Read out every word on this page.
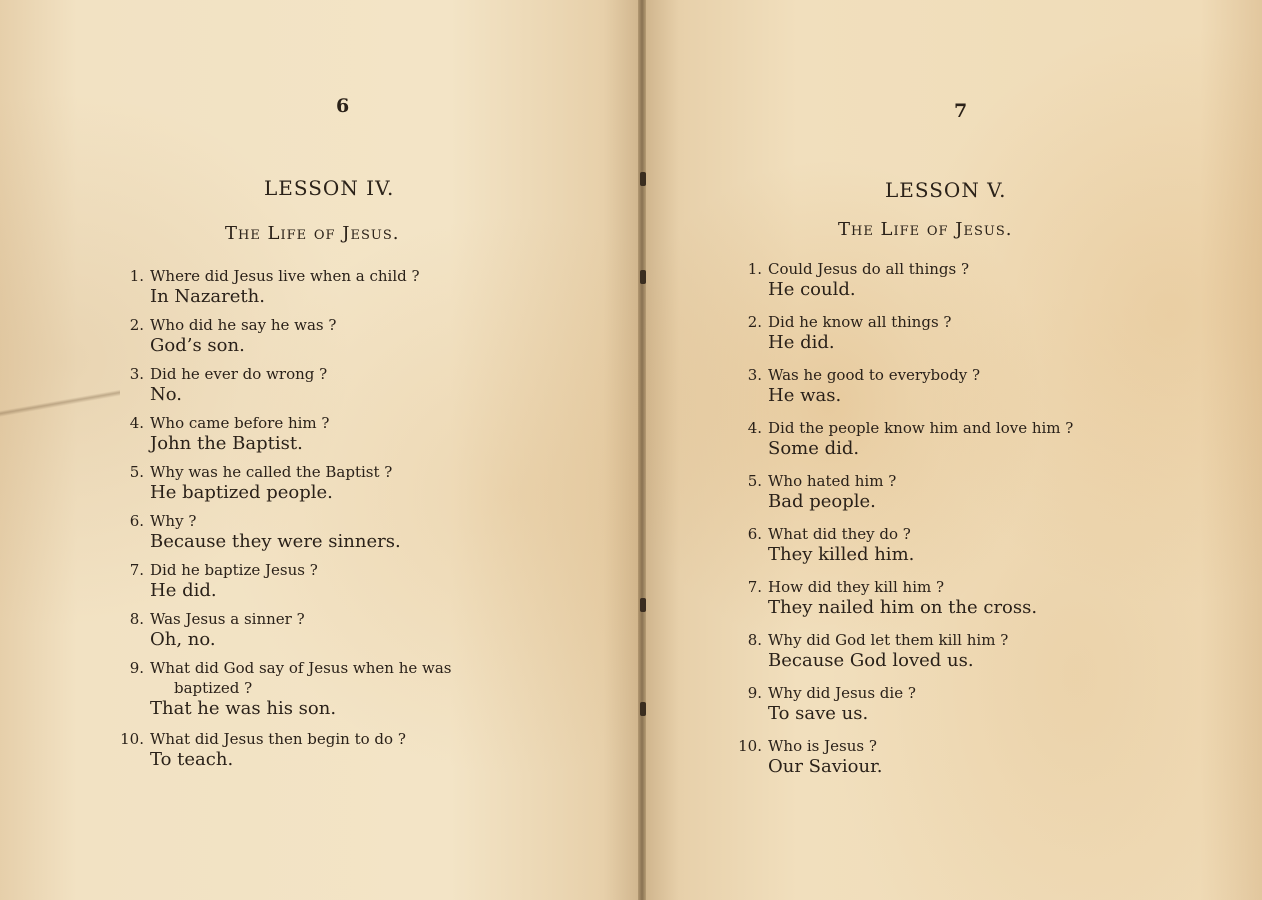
6
LESSON IV.
The Life of Jesus.
1. Where did Jesus live when a child ?
In Nazareth.
2. Who did he say he was ?
God’s son.
3. Did he ever do wrong ?
No.
4. Who came before him ?
John the Baptist.
5. Why was he called the Baptist ?
He baptized people.
6. Why ?
Because they were sinners.
7. Did he baptize Jesus ?
He did.
8. Was Jesus a sinner ?
Oh, no.
9. What did God say of Jesus when he was
baptized ?
That he was his son.
10. What did Jesus then begin to do ?
To teach.
7
LESSON V.
The Life of Jesus.
1. Could Jesus do all things ?
He could.
2. Did he know all things ?
He did.
3. Was he good to everybody ?
He was.
4. Did the people know him and love him ?
Some did.
5. Who hated him ?
Bad people.
6. What did they do ?
They killed him.
7. How did they kill him ?
They nailed him on the cross.
8. Why did God let them kill him ?
Because God loved us.
9. Why did Jesus die ?
To save us.
10. Who is Jesus ?
Our Saviour.
